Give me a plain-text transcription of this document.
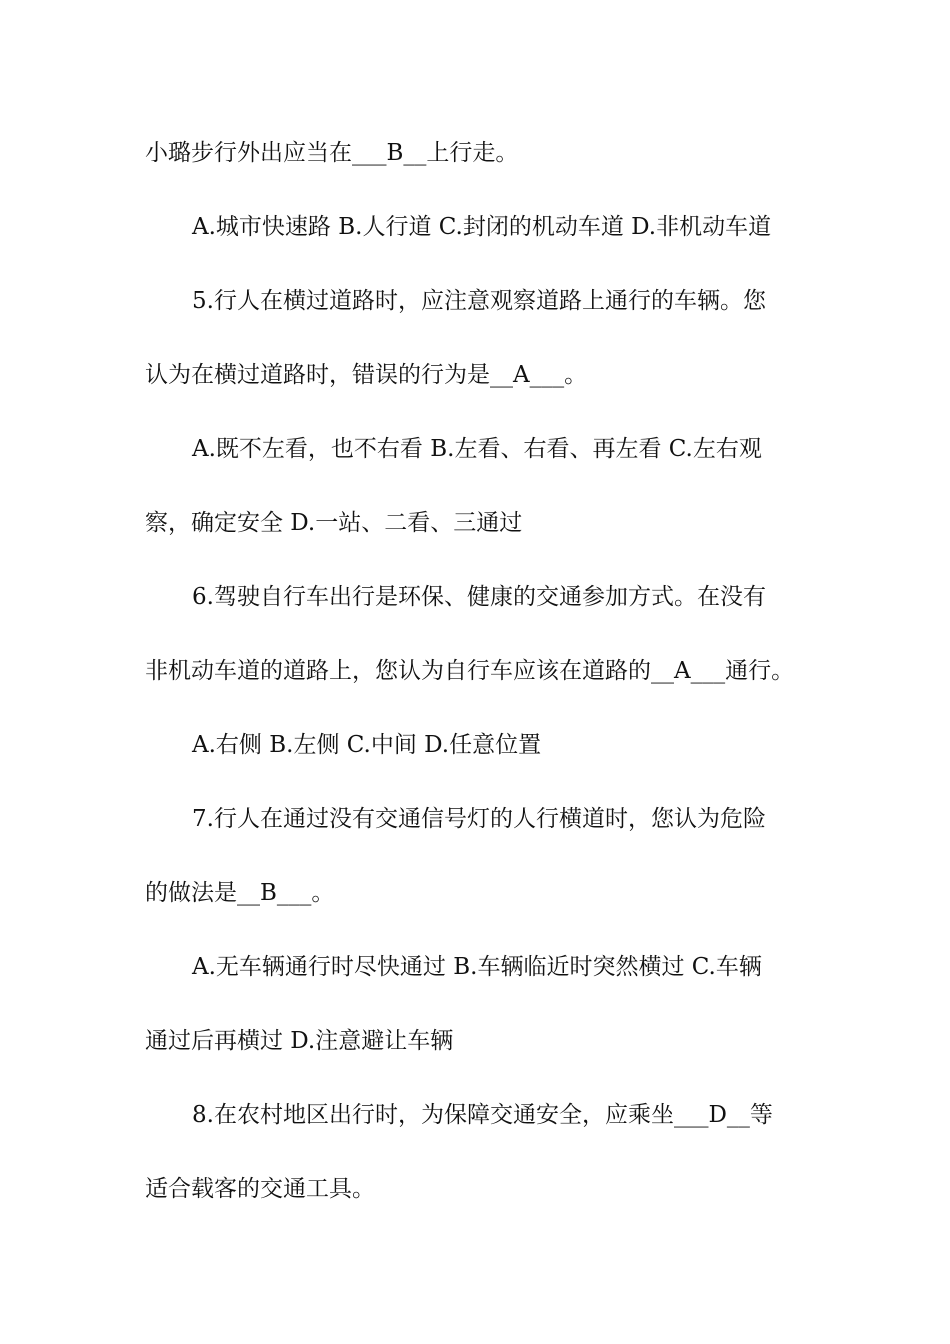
小璐步行外出应当在___B__上行走。
A.城市快速路 B.人行道 C.封闭的机动车道 D.非机动车道
5.行人在横过道路时，应注意观察道路上通行的车辆。您
认为在横过道路时，错误的行为是__A___。
A.既不左看，也不右看 B.左看、右看、再左看 C.左右观
察，确定安全 D.一站、二看、三通过
6.驾驶自行车出行是环保、健康的交通参加方式。在没有
非机动车道的道路上，您认为自行车应该在道路的__A___通行。
A.右侧 B.左侧 C.中间 D.任意位置
7.行人在通过没有交通信号灯的人行横道时，您认为危险
的做法是__B___。
A.无车辆通行时尽快通过 B.车辆临近时突然横过 C.车辆
通过后再横过 D.注意避让车辆
8.在农村地区出行时，为保障交通安全，应乘坐___D__等
适合载客的交通工具。
